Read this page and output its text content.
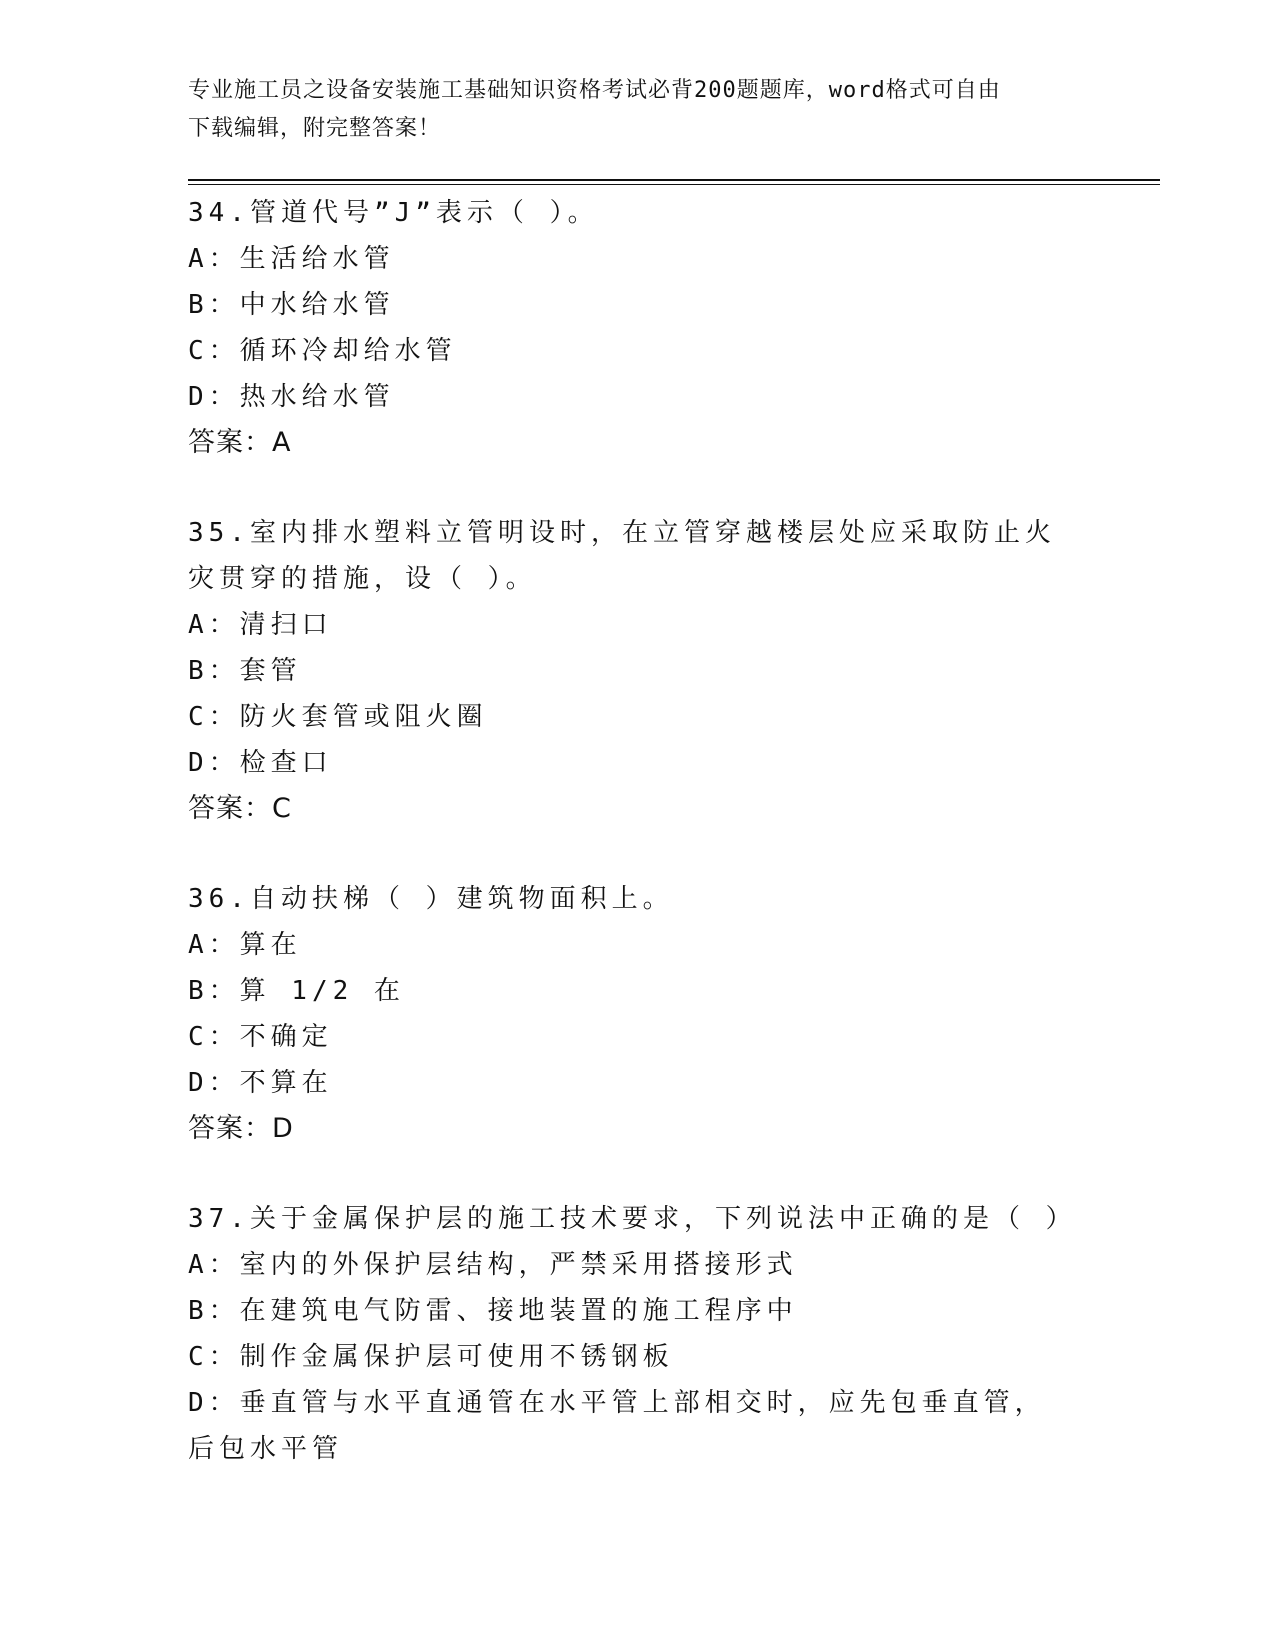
专业施工员之设备安装施工基础知识资格考试必背200题题库，word格式可自由
下载编辑，附完整答案！
34.管道代号”J”表示（ ）。
A：生活给水管
B：中水给水管
C：循环冷却给水管
D：热水给水管
答案：A
35.室内排水塑料立管明设时，在立管穿越楼层处应采取防止火灾贯穿的措施，设（ ）。
A：清扫口
B：套管
C：防火套管或阻火圈
D：检查口
答案：C
36.自动扶梯（ ）建筑物面积上。
A：算在
B：算 1/2 在
C：不确定
D：不算在
答案：D
37.关于金属保护层的施工技术要求，下列说法中正确的是（ ）
A：室内的外保护层结构，严禁采用搭接形式
B：在建筑电气防雷、接地装置的施工程序中
C：制作金属保护层可使用不锈钢板
D：垂直管与水平直通管在水平管上部相交时，应先包垂直管，后包水平管
